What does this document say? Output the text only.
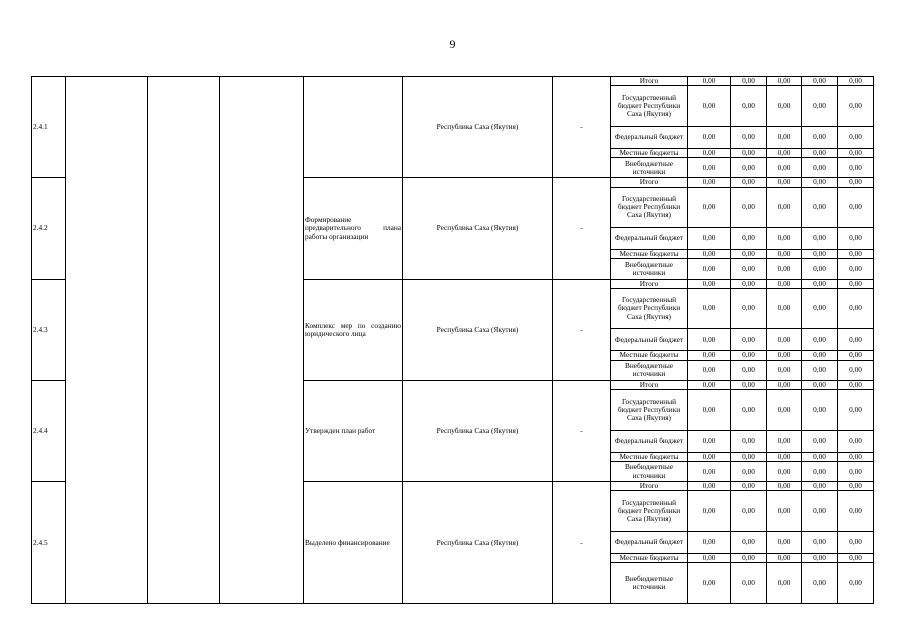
9
2.4.1					Республика Саха (Якутия)	-	Итого	0,00	0,00	0,00	0,00	0,00
							Государственный бюджет Республики Саха (Якутия)	0,00	0,00	0,00	0,00	0,00
							Федеральный бюджет	0,00	0,00	0,00	0,00	0,00
							Местные бюджеты	0,00	0,00	0,00	0,00	0,00
							Внебюджетные источники	0,00	0,00	0,00	0,00	0,00
2.4.2				Формирование предварительного плана работы организации	Республика Саха (Якутия)	-	Итого	0,00	0,00	0,00	0,00	0,00
							Государственный бюджет Республики Саха (Якутия)	0,00	0,00	0,00	0,00	0,00
							Федеральный бюджет	0,00	0,00	0,00	0,00	0,00
							Местные бюджеты	0,00	0,00	0,00	0,00	0,00
							Внебюджетные источники	0,00	0,00	0,00	0,00	0,00
2.4.3				Комплекс мер по созданию юридического лица	Республика Саха (Якутия)	-	Итого	0,00	0,00	0,00	0,00	0,00
							Государственный бюджет Республики Саха (Якутия)	0,00	0,00	0,00	0,00	0,00
							Федеральный бюджет	0,00	0,00	0,00	0,00	0,00
							Местные бюджеты	0,00	0,00	0,00	0,00	0,00
							Внебюджетные источники	0,00	0,00	0,00	0,00	0,00
2.4.4				Утвержден план работ	Республика Саха (Якутия)	-	Итого	0,00	0,00	0,00	0,00	0,00
							Государственный бюджет Республики Саха (Якутия)	0,00	0,00	0,00	0,00	0,00
							Федеральный бюджет	0,00	0,00	0,00	0,00	0,00
							Местные бюджеты	0,00	0,00	0,00	0,00	0,00
							Внебюджетные источники	0,00	0,00	0,00	0,00	0,00
2.4.5				Выделено финансирование	Республика Саха (Якутия)	-	Итого	0,00	0,00	0,00	0,00	0,00
							Государственный бюджет Республики Саха (Якутия)	0,00	0,00	0,00	0,00	0,00
							Федеральный бюджет	0,00	0,00	0,00	0,00	0,00
							Местные бюджеты	0,00	0,00	0,00	0,00	0,00
							Внебюджетные источники	0,00	0,00	0,00	0,00	0,00
